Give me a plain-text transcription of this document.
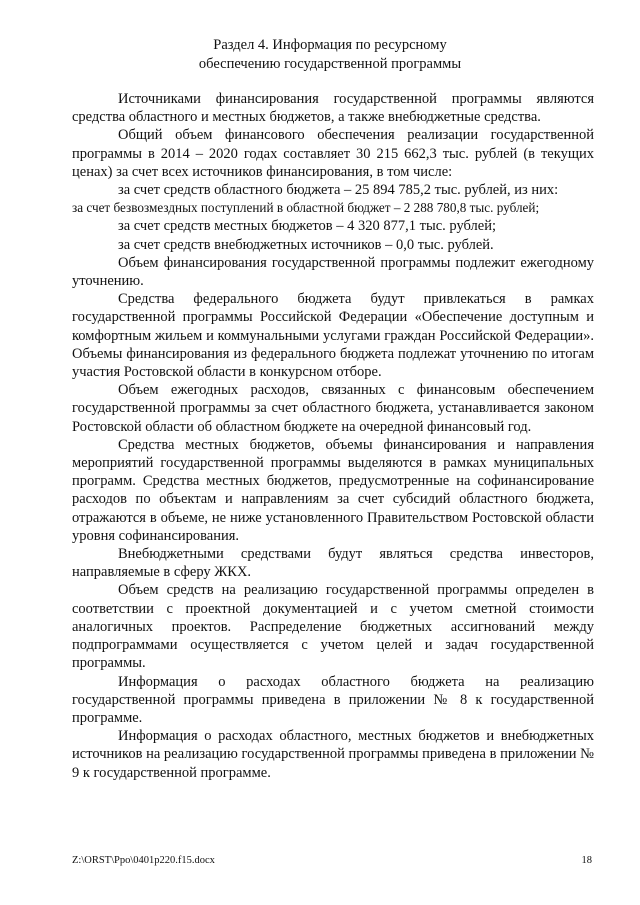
Раздел 4. Информация по ресурсному
обеспечению государственной программы

Источниками финансирования государственной программы являются средства областного и местных бюджетов, а также внебюджетные средства.

Общий объем финансового обеспечения реализации государственной программы в 2014 – 2020 годах составляет 30 215 662,3 тыс. рублей (в текущих ценах) за счет всех источников финансирования, в том числе:

за счет средств областного бюджета – 25 894 785,2 тыс. рублей, из них:

за счет безвозмездных поступлений в областной бюджет – 2 288 780,8 тыс. рублей;

за счет средств местных бюджетов – 4 320 877,1 тыс. рублей;

за счет средств внебюджетных источников – 0,0 тыс. рублей.

Объем финансирования государственной программы подлежит ежегодному уточнению.

Средства федерального бюджета будут привлекаться в рамках государственной программы Российской Федерации «Обеспечение доступным и комфортным жильем и коммунальными услугами граждан Российской Федерации». Объемы финансирования из федерального бюджета подлежат уточнению по итогам участия Ростовской области в конкурсном отборе.

Объем ежегодных расходов, связанных с финансовым обеспечением государственной программы за счет областного бюджета, устанавливается законом Ростовской области об областном бюджете на очередной финансовый год.

Средства местных бюджетов, объемы финансирования и направления мероприятий государственной программы выделяются в рамках муниципальных программ. Средства местных бюджетов, предусмотренные на софинансирование расходов по объектам и направлениям за счет субсидий областного бюджета, отражаются в объеме, не ниже установленного Правительством Ростовской области уровня софинансирования.

Внебюджетными средствами будут являться средства инвесторов, направляемые в сферу ЖКХ.

Объем средств на реализацию государственной программы определен в соответствии с проектной документацией и с учетом сметной стоимости аналогичных проектов. Распределение бюджетных ассигнований между подпрограммами осуществляется с учетом целей и задач государственной программы.

Информация о расходах областного бюджета на реализацию государственной программы приведена в приложении № 8 к государственной программе.

Информация о расходах областного, местных бюджетов и внебюджетных источников на реализацию государственной программы приведена в приложении № 9 к государственной программе.

Z:\ORST\Ppo\0401p220.f15.docx	18
